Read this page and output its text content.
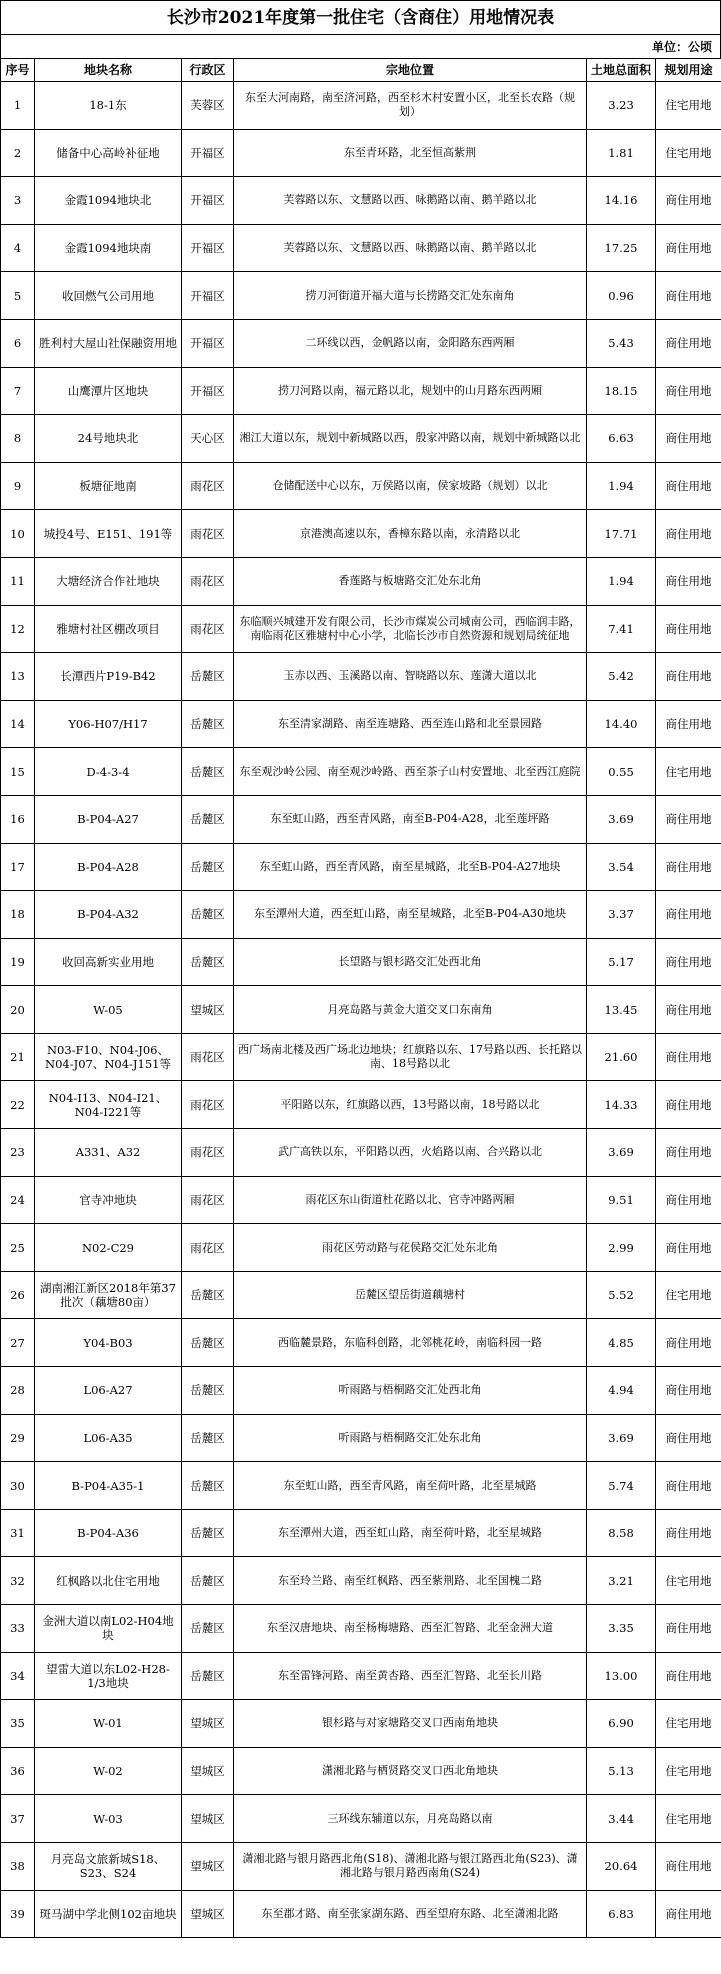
长沙市2021年度第一批住宅（含商住）用地情况表
单位：公顷
序号	地块名称	行政区	宗地位置	土地总面积	规划用途
1	18-1东	芙蓉区	东至大河南路，南至济河路，西至杉木村安置小区，北至长农路（规划）	3.23	住宅用地
2	储备中心高岭补征地	开福区	东至青环路，北至恒高紫荆	1.81	住宅用地
3	金霞1094地块北	开福区	芙蓉路以东、文慧路以西、咏鹅路以南、鹅羊路以北	14.16	商住用地
4	金霞1094地块南	开福区	芙蓉路以东、文慧路以西、咏鹅路以南、鹅羊路以北	17.25	商住用地
5	收回燃气公司用地	开福区	捞刀河街道开福大道与长捞路交汇处东南角	0.96	商住用地
6	胜利村大屋山社保融资用地	开福区	二环线以西，金帆路以南，金阳路东西两厢	5.43	商住用地
7	山鹰潭片区地块	开福区	捞刀河路以南，福元路以北，规划中的山月路东西两厢	18.15	商住用地
8	24号地块北	天心区	湘江大道以东，规划中新城路以西，殷家冲路以南，规划中新城路以北	6.63	商住用地
9	板塘征地南	雨花区	仓储配送中心以东，万侯路以南，侯家坡路（规划）以北	1.94	商住用地
10	城投4号、E151、191等	雨花区	京港澳高速以东，香樟东路以南，永清路以北	17.71	商住用地
11	大塘经济合作社地块	雨花区	香莲路与板塘路交汇处东北角	1.94	商住用地
12	雅塘村社区棚改项目	雨花区	东临顺兴城建开发有限公司，长沙市煤炭公司城南公司，西临润丰路，南临雨花区雅塘村中心小学，北临长沙市自然资源和规划局统征地	7.41	商住用地
13	长潭西片P19-B42	岳麓区	玉赤以西、玉溪路以南、智晓路以东、莲潇大道以北	5.42	商住用地
14	Y06-H07/H17	岳麓区	东至清家湖路、南至连塘路、西至连山路和北至景园路	14.40	商住用地
15	D-4-3-4	岳麓区	东至观沙岭公园、南至观沙岭路、西至茶子山村安置地、北至西江庭院	0.55	住宅用地
16	B-P04-A27	岳麓区	东至虹山路，西至青风路，南至B-P04-A28，北至莲坪路	3.69	商住用地
17	B-P04-A28	岳麓区	东至虹山路，西至青风路，南至星城路，北至B-P04-A27地块	3.54	商住用地
18	B-P04-A32	岳麓区	东至潭州大道，西至虹山路，南至星城路，北至B-P04-A30地块	3.37	商住用地
19	收回高新实业用地	岳麓区	长望路与银杉路交汇处西北角	5.17	商住用地
20	W-05	望城区	月亮岛路与黄金大道交叉口东南角	13.45	商住用地
21	N03-F10、N04-J06、N04-J07、N04-J151等	雨花区	西广场南北楼及西广场北边地块；红旗路以东、17号路以西、长托路以南、18号路以北	21.60	商住用地
22	N04-I13、N04-I21、N04-I221等	雨花区	平阳路以东，红旗路以西，13号路以南，18号路以北	14.33	商住用地
23	A331、A32	雨花区	武广高铁以东，平阳路以西，火焰路以南、合兴路以北	3.69	商住用地
24	官寺冲地块	雨花区	雨花区东山街道杜花路以北、官寺冲路两厢	9.51	商住用地
25	N02-C29	雨花区	雨花区劳动路与花侯路交汇处东北角	2.99	商住用地
26	湖南湘江新区2018年第37批次（藕塘80亩）	岳麓区	岳麓区望岳街道藕塘村	5.52	住宅用地
27	Y04-B03	岳麓区	西临麓景路，东临科创路，北邻桃花岭，南临科园一路	4.85	商住用地
28	L06-A27	岳麓区	听雨路与梧桐路交汇处西北角	4.94	商住用地
29	L06-A35	岳麓区	听雨路与梧桐路交汇处东北角	3.69	商住用地
30	B-P04-A35-1	岳麓区	东至虹山路，西至青风路，南至荷叶路，北至星城路	5.74	商住用地
31	B-P04-A36	岳麓区	东至潭州大道，西至虹山路，南至荷叶路，北至星城路	8.58	商住用地
32	红枫路以北住宅用地	岳麓区	东至玲兰路、南至红枫路、西至紫荆路、北至国槐二路	3.21	住宅用地
33	金洲大道以南L02-H04地块	岳麓区	东至汉唐地块、南至杨梅塘路、西至汇智路、北至金洲大道	3.35	商住用地
34	望雷大道以东L02-H28-1/3地块	岳麓区	东至雷锋河路、南至黄杏路、西至汇智路、北至长川路	13.00	商住用地
35	W-01	望城区	银杉路与对家塘路交叉口西南角地块	6.90	住宅用地
36	W-02	望城区	潇湘北路与栖贤路交叉口西北角地块	5.13	住宅用地
37	W-03	望城区	三环线东辅道以东，月亮岛路以南	3.44	住宅用地
38	月亮岛文旅新城S18、S23、S24	望城区	潇湘北路与银月路西北角(S18)、潇湘北路与银江路西北角(S23)、潇湘北路与银月路西南角(S24)	20.64	商住用地
39	斑马湖中学北侧102亩地块	望城区	东至郡才路、南至张家湖东路、西至望府东路、北至潇湘北路	6.83	商住用地
